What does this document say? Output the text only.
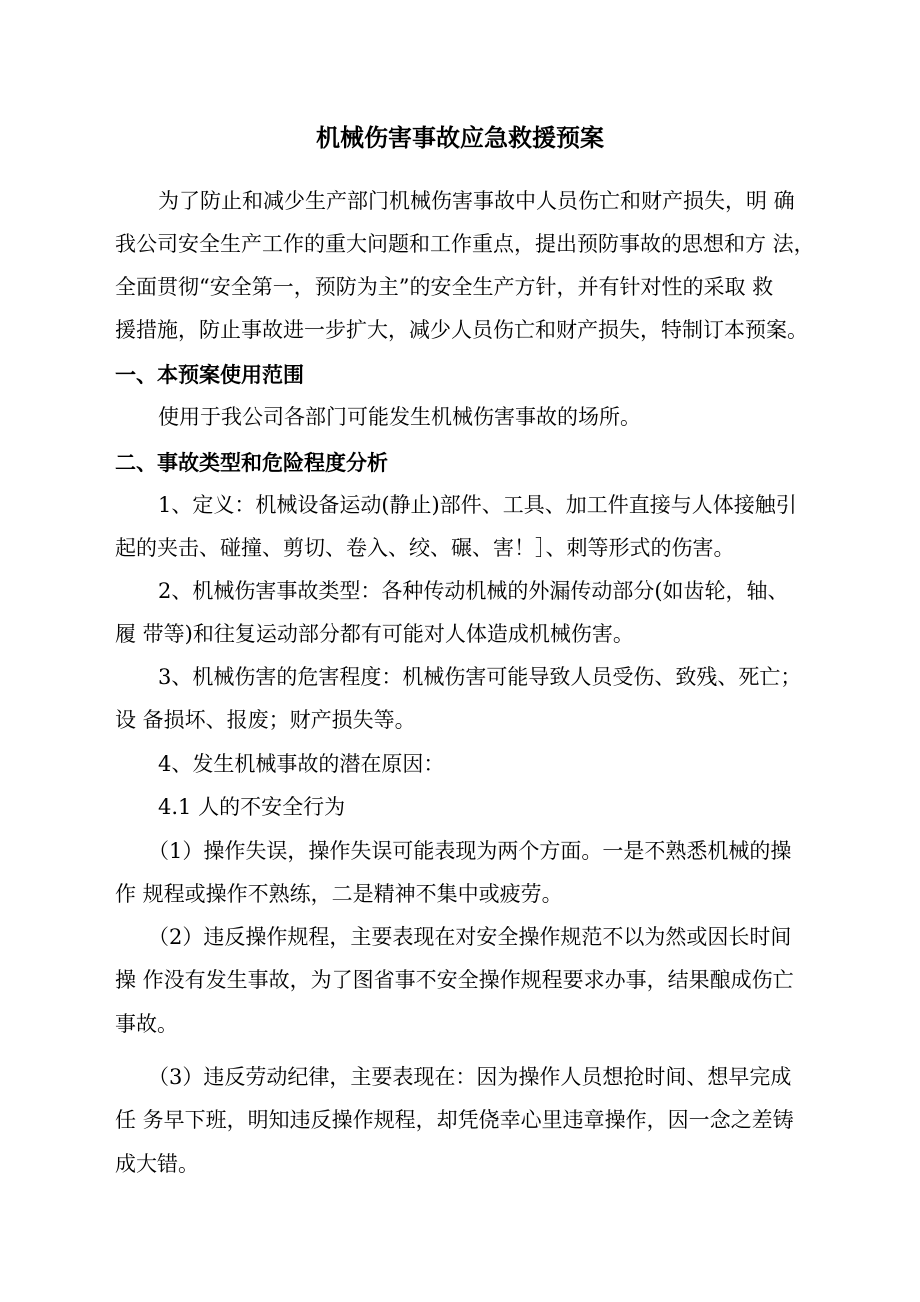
机械伤害事故应急救援预案
为了防止和减少生产部门机械伤害事故中人员伤亡和财产损失，明 确
我公司安全生产工作的重大问题和工作重点，提出预防事故的思想和方 法，
全面贯彻“安全第一，预防为主”的安全生产方针，并有针对性的采取 救
援措施，防止事故进一步扩大，减少人员伤亡和财产损失，特制订本预案。
一、本预案使用范围
使用于我公司各部门可能发生机械伤害事故的场所。
二、事故类型和危险程度分析
1、定义：机械设备运动(静止)部件、工具、加工件直接与人体接触引
起的夹击、碰撞、剪切、卷入、绞、碾、害！］、刺等形式的伤害。
2、机械伤害事故类型：各种传动机械的外漏传动部分(如齿轮，轴、
履 带等)和往复运动部分都有可能对人体造成机械伤害。
3、机械伤害的危害程度：机械伤害可能导致人员受伤、致残、死亡；
设 备损坏、报废；财产损失等。
4、发生机械事故的潜在原因：
4.1 人的不安全行为
（1）操作失误，操作失误可能表现为两个方面。一是不熟悉机械的操
作 规程或操作不熟练，二是精神不集中或疲劳。
（2）违反操作规程，主要表现在对安全操作规范不以为然或因长时间
操 作没有发生事故，为了图省事不安全操作规程要求办事，结果酿成伤亡
事故。
（3）违反劳动纪律，主要表现在：因为操作人员想抢时间、想早完成
任 务早下班，明知违反操作规程，却凭侥幸心里违章操作，因一念之差铸
成大错。
